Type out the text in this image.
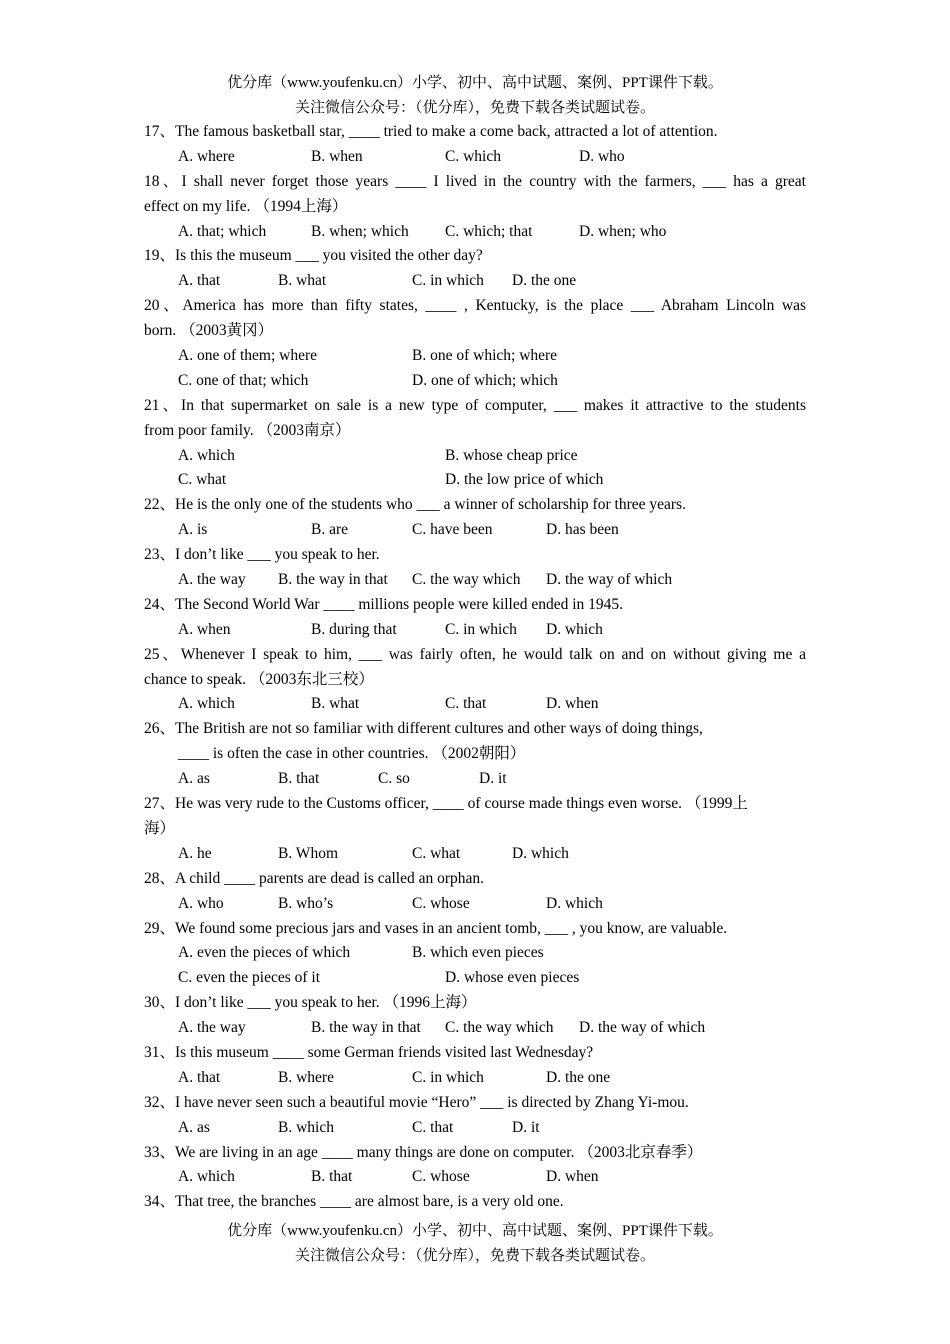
优分库（www.youfenku.cn）小学、初中、高中试题、案例、PPT课件下载。
关注微信公众号：（优分库），免费下载各类试题试卷。
17、The famous basketball star, ____ tried to make a come back, attracted a lot of attention.
A. where	B. when	C. which	D. who
18、I shall never forget those years ____ I lived in the country with the farmers, ___ has a great
effect on my life. （1994上海）
A. that; which	B. when; which C. which; that	D. when; who
19、Is this the museum ___ you visited the other day?
A. that	B. what	C. in which D. the one
20、America has more than fifty states, ____ , Kentucky, is the place ___ Abraham Lincoln was
born. （2003黄冈）
A. one of them; where	B. one of which; where
C. one of that; which	D. one of which; which
21、In that supermarket on sale is a new type of computer, ___ makes it attractive to the students
from poor family. （2003南京）
A. which	B. whose cheap price
C. what	D. the low price of which
22、He is the only one of the students who ___ a winner of scholarship for three years.
A. is	B. are	C. have been	D. has been
23、I don’t like ___ you speak to her.
A. the way B. the way in that C. the way which D. the way of which
24、The Second World War ____ millions people were killed ended in 1945.
A. when	B. during that	C. in which D. which
25、Whenever I speak to him, ___ was fairly often, he would talk on and on without giving me a
chance to speak. （2003东北三校）
A. which	B. what	C. that	D. when
26、The British are not so familiar with different cultures and other ways of doing things,
____ is often the case in other countries. （2002朝阳）
A. as	B. that	C. so	D. it
27、He was very rude to the Customs officer, ____ of course made things even worse. （1999上
海）
A. he	B. Whom	C. what	D. which
28、A child ____ parents are dead is called an orphan.
A. who	B. who’s	C. whose	D. which
29、We found some precious jars and vases in an ancient tomb, ___ , you know, are valuable.
A. even the pieces of which	B. which even pieces
C. even the pieces of it	D. whose even pieces
30、I don’t like ___ you speak to her. （1996上海）
A. the way	B. the way in that C. the way which D. the way of which
31、Is this museum ____ some German friends visited last Wednesday?
A. that	B. where	C. in which	D. the one
32、I have never seen such a beautiful movie “Hero” ___ is directed by Zhang Yi-mou.
A. as	B. which	C. that	D. it
33、We are living in an age ____ many things are done on computer. （2003北京春季）
A. which	B. that	C. whose	D. when
34、That tree, the branches ____ are almost bare, is a very old one.
优分库（www.youfenku.cn）小学、初中、高中试题、案例、PPT课件下载。
关注微信公众号：（优分库），免费下载各类试题试卷。
